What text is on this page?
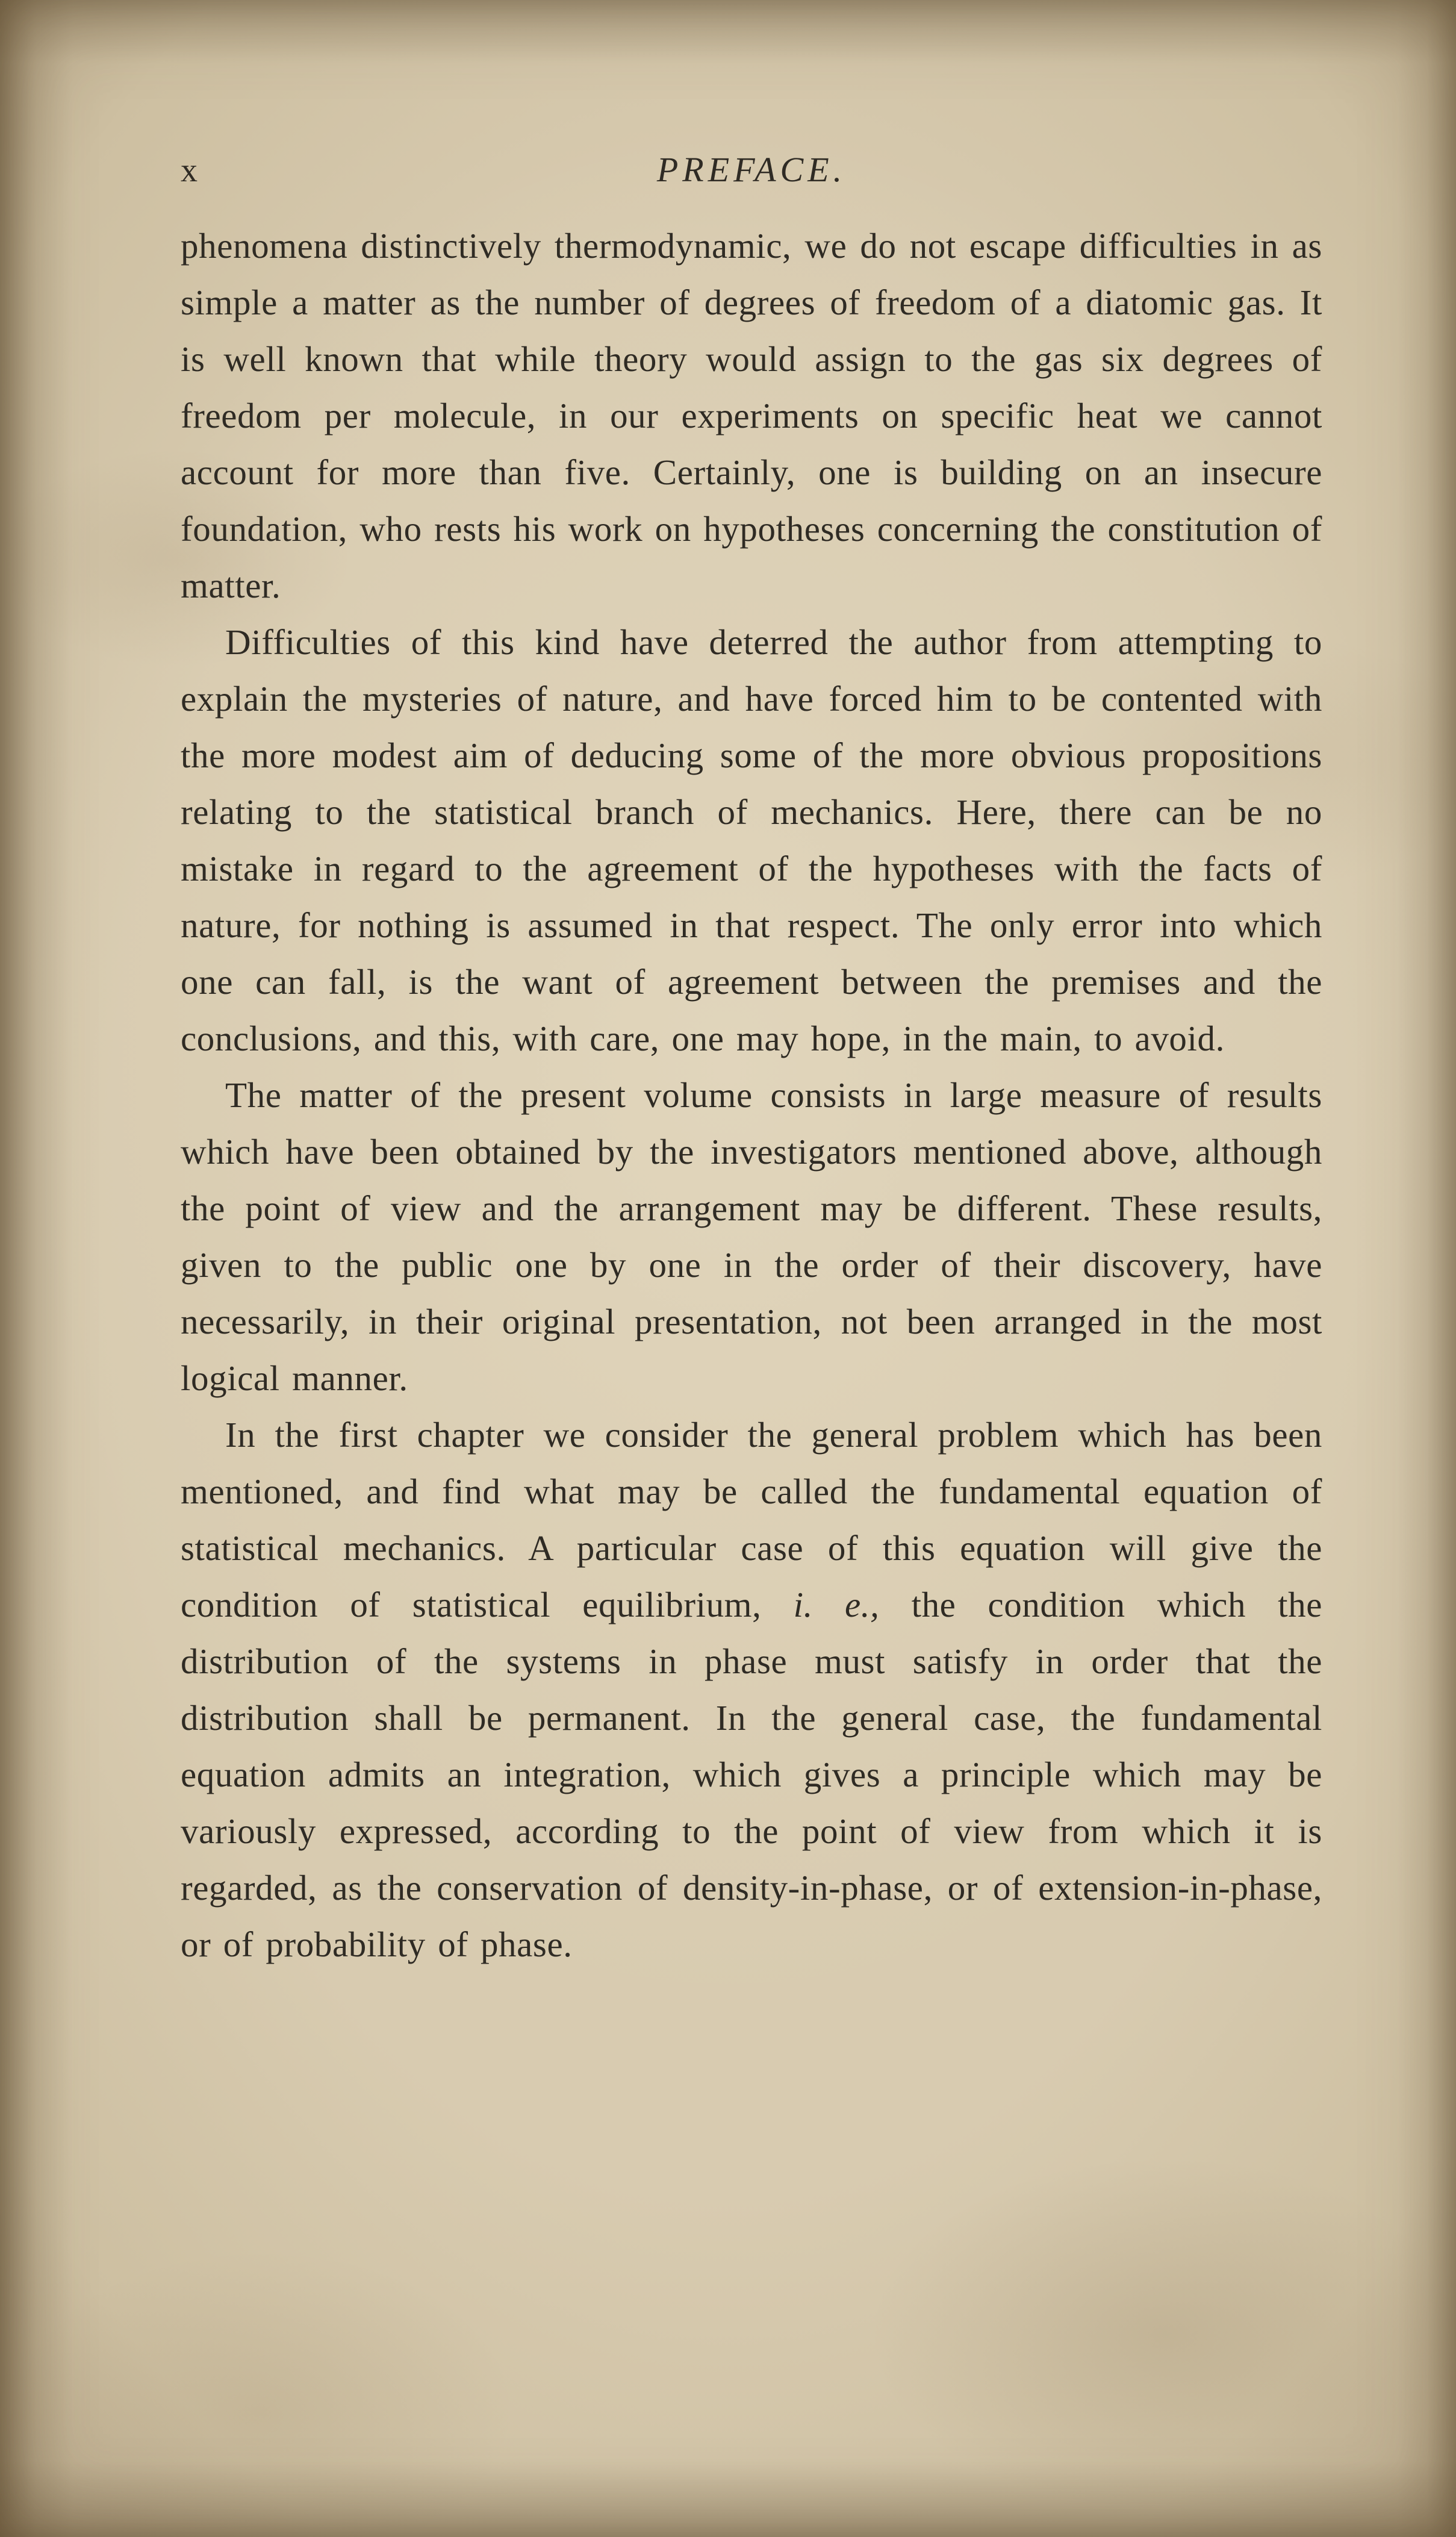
x	PREFACE.

phenomena distinctively thermodynamic, we do not escape difficulties in as simple a matter as the number of degrees of freedom of a diatomic gas. It is well known that while theory would assign to the gas six degrees of freedom per molecule, in our experiments on specific heat we cannot account for more than five. Certainly, one is building on an insecure foundation, who rests his work on hypotheses concerning the constitution of matter.

Difficulties of this kind have deterred the author from attempting to explain the mysteries of nature, and have forced him to be contented with the more modest aim of deducing some of the more obvious propositions relating to the statistical branch of mechanics. Here, there can be no mistake in regard to the agreement of the hypotheses with the facts of nature, for nothing is assumed in that respect. The only error into which one can fall, is the want of agreement between the premises and the conclusions, and this, with care, one may hope, in the main, to avoid.

The matter of the present volume consists in large measure of results which have been obtained by the investigators mentioned above, although the point of view and the arrangement may be different. These results, given to the public one by one in the order of their discovery, have necessarily, in their original presentation, not been arranged in the most logical manner.

In the first chapter we consider the general problem which has been mentioned, and find what may be called the fundamental equation of statistical mechanics. A particular case of this equation will give the condition of statistical equilibrium, i. e., the condition which the distribution of the systems in phase must satisfy in order that the distribution shall be permanent. In the general case, the fundamental equation admits an integration, which gives a principle which may be variously expressed, according to the point of view from which it is regarded, as the conservation of density-in-phase, or of extension-in-phase, or of probability of phase.
